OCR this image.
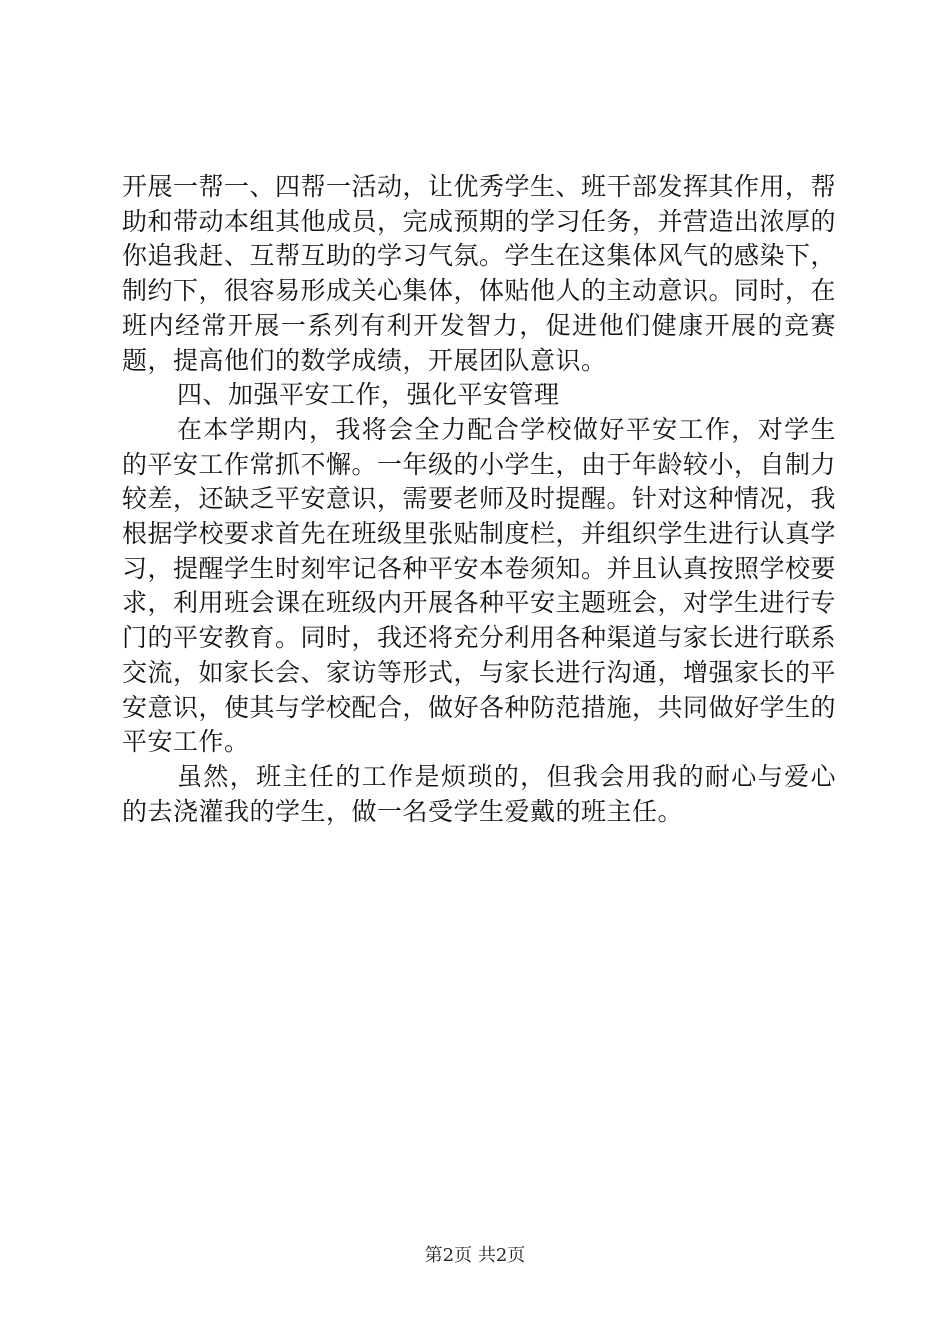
开展一帮一、四帮一活动，让优秀学生、班干部发挥其作用，帮助和带动本组其他成员，完成预期的学习任务，并营造出浓厚的你追我赶、互帮互助的学习气氛。学生在这集体风气的感染下，制约下，很容易形成关心集体，体贴他人的主动意识。同时，在班内经常开展一系列有利开发智力，促进他们健康开展的竞赛题，提高他们的数学成绩，开展团队意识。

四、加强平安工作，强化平安管理

在本学期内，我将会全力配合学校做好平安工作，对学生的平安工作常抓不懈。一年级的小学生，由于年龄较小，自制力较差，还缺乏平安意识，需要老师及时提醒。针对这种情况，我根据学校要求首先在班级里张贴制度栏，并组织学生进行认真学习，提醒学生时刻牢记各种平安本卷须知。并且认真按照学校要求，利用班会课在班级内开展各种平安主题班会，对学生进行专门的平安教育。同时，我还将充分利用各种渠道与家长进行联系交流，如家长会、家访等形式，与家长进行沟通，增强家长的平安意识，使其与学校配合，做好各种防范措施，共同做好学生的平安工作。

虽然，班主任的工作是烦琐的，但我会用我的耐心与爱心的去浇灌我的学生，做一名受学生爱戴的班主任。

第2页 共2页
